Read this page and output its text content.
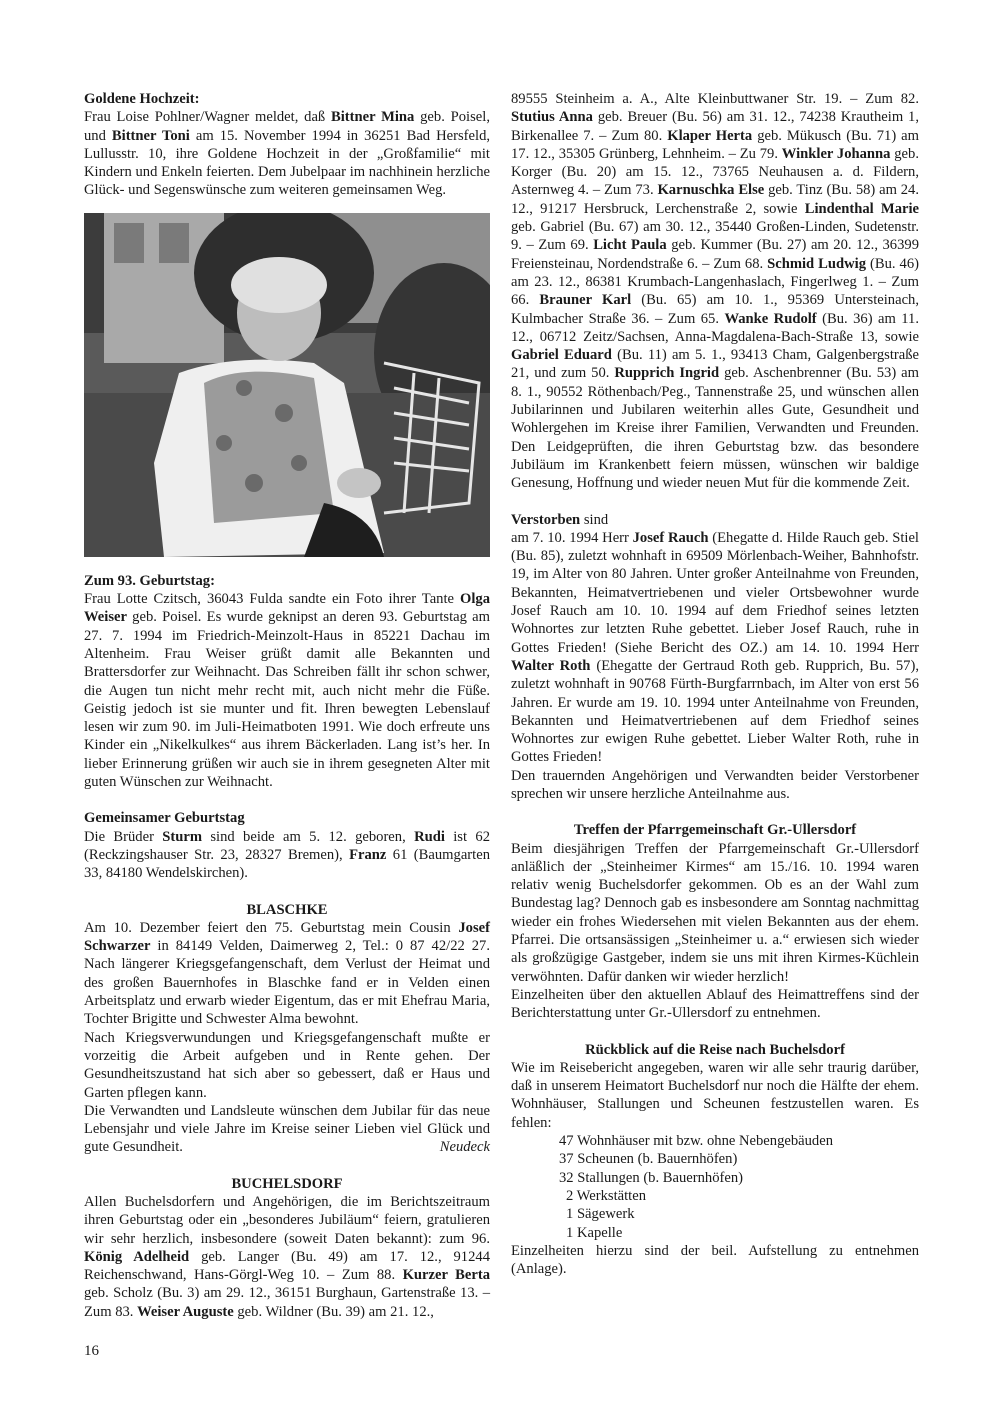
Goldene Hochzeit:

Frau Loise Pohlner/Wagner meldet, daß Bittner Mina geb. Poisel, und Bittner Toni am 15. November 1994 in 36251 Bad Hersfeld, Lullusstr. 10, ihre Goldene Hochzeit in der „Großfamilie“ mit Kindern und Enkeln feierten. Dem Jubelpaar im nachhinein herzliche Glück- und Segenswünsche zum weiteren gemeinsamen Weg.

Zum 93. Geburtstag:

Frau Lotte Czitsch, 36043 Fulda sandte ein Foto ihrer Tante Olga Weiser geb. Poisel. Es wurde geknipst an deren 93. Geburtstag am 27. 7. 1994 im Friedrich-Meinzolt-Haus in 85221 Dachau im Altenheim. Frau Weiser grüßt damit alle Bekannten und Brattersdorfer zur Weihnacht. Das Schreiben fällt ihr schon schwer, die Augen tun nicht mehr recht mit, auch nicht mehr die Füße. Geistig jedoch ist sie munter und fit. Ihren bewegten Lebenslauf lesen wir zum 90. im Juli-Heimatboten 1991. Wie doch erfreute uns Kinder ein „Nikelkulkes“ aus ihrem Bäckerladen. Lang ist’s her. In lieber Erinnerung grüßen wir auch sie in ihrem gesegneten Alter mit guten Wünschen zur Weihnacht.

Gemeinsamer Geburtstag

Die Brüder Sturm sind beide am 5. 12. geboren, Rudi ist 62 (Reckzingshauser Str. 23, 28327 Bremen), Franz 61 (Baumgarten 33, 84180 Wendelskirchen).

BLASCHKE

Am 10. Dezember feiert den 75. Geburtstag mein Cousin Josef Schwarzer in 84149 Velden, Daimerweg 2, Tel.: 0 87 42/22 27. Nach längerer Kriegsgefangenschaft, dem Verlust der Heimat und des großen Bauernhofes in Blaschke fand er in Velden einen Arbeitsplatz und erwarb wieder Eigentum, das er mit Ehefrau Maria, Tochter Brigitte und Schwester Alma bewohnt.

Nach Kriegsverwundungen und Kriegsgefangenschaft mußte er vorzeitig die Arbeit aufgeben und in Rente gehen. Der Gesundheitszustand hat sich aber so gebessert, daß er Haus und Garten pflegen kann.

Die Verwandten und Landsleute wünschen dem Jubilar für das neue Lebensjahr und viele Jahre im Kreise seiner Lieben viel Glück und gute Gesundheit.	Neudeck

BUCHELSDORF

Allen Buchelsdorfern und Angehörigen, die im Berichtszeitraum ihren Geburtstag oder ein „besonderes Jubiläum“ feiern, gratulieren wir sehr herzlich, insbesondere (soweit Daten bekannt): zum 96. König Adelheid geb. Langer (Bu. 49) am 17. 12., 91244 Reichenschwand, Hans-Görgl-Weg 10. – Zum 88. Kurzer Berta geb. Scholz (Bu. 3) am 29. 12., 36151 Burghaun, Gartenstraße 13. – Zum 83. Weiser Auguste geb. Wildner (Bu. 39) am 21. 12.,

89555 Steinheim a. A., Alte Kleinbuttwaner Str. 19. – Zum 82. Stutius Anna geb. Breuer (Bu. 56) am 31. 12., 74238 Krautheim 1, Birkenallee 7. – Zum 80. Klaper Herta geb. Mükusch (Bu. 71) am 17. 12., 35305 Grünberg, Lehnheim. – Zu 79. Winkler Johanna geb. Korger (Bu. 20) am 15. 12., 73765 Neuhausen a. d. Fildern, Asternweg 4. – Zum 73. Karnuschka Else geb. Tinz (Bu. 58) am 24. 12., 91217 Hersbruck, Lerchenstraße 2, sowie Lindenthal Marie geb. Gabriel (Bu. 67) am 30. 12., 35440 Großen-Linden, Sudetenstr. 9. – Zum 69. Licht Paula geb. Kummer (Bu. 27) am 20. 12., 36399 Freiensteinau, Nordendstraße 6. – Zum 68. Schmid Ludwig (Bu. 46) am 23. 12., 86381 Krumbach-Langenhaslach, Fingerlweg 1. – Zum 66. Brauner Karl (Bu. 65) am 10. 1., 95369 Untersteinach, Kulmbacher Straße 36. – Zum 65. Wanke Rudolf (Bu. 36) am 11. 12., 06712 Zeitz/Sachsen, Anna-Magdalena-Bach-Straße 13, sowie Gabriel Eduard (Bu. 11) am 5. 1., 93413 Cham, Galgenbergstraße 21, und zum 50. Rupprich Ingrid geb. Aschenbrenner (Bu. 53) am 8. 1., 90552 Röthenbach/Peg., Tannenstraße 25, und wünschen allen Jubilarinnen und Jubilaren weiterhin alles Gute, Gesundheit und Wohlergehen im Kreise ihrer Familien, Verwandten und Freunden. Den Leidgeprüften, die ihren Geburtstag bzw. das besondere Jubiläum im Krankenbett feiern müssen, wünschen wir baldige Genesung, Hoffnung und wieder neuen Mut für die kommende Zeit.

Verstorben sind

am 7. 10. 1994 Herr Josef Rauch (Ehegatte d. Hilde Rauch geb. Stiel (Bu. 85), zuletzt wohnhaft in 69509 Mörlenbach-Weiher, Bahnhofstr. 19, im Alter von 80 Jahren. Unter großer Anteilnahme von Freunden, Bekannten, Heimatvertriebenen und vieler Ortsbewohner wurde Josef Rauch am 10. 10. 1994 auf dem Friedhof seines letzten Wohnortes zur letzten Ruhe gebettet. Lieber Josef Rauch, ruhe in Gottes Frieden! (Siehe Bericht des OZ.) am 14. 10. 1994 Herr Walter Roth (Ehegatte der Gertraud Roth geb. Rupprich, Bu. 57), zuletzt wohnhaft in 90768 Fürth-Burgfarrnbach, im Alter von erst 56 Jahren. Er wurde am 19. 10. 1994 unter Anteilnahme von Freunden, Bekannten und Heimatvertriebenen auf dem Friedhof seines Wohnortes zur ewigen Ruhe gebettet. Lieber Walter Roth, ruhe in Gottes Frieden!

Den trauernden Angehörigen und Verwandten beider Verstorbener sprechen wir unsere herzliche Anteilnahme aus.

Treffen der Pfarrgemeinschaft Gr.-Ullersdorf

Beim diesjährigen Treffen der Pfarrgemeinschaft Gr.-Ullersdorf anläßlich der „Steinheimer Kirmes“ am 15./16. 10. 1994 waren relativ wenig Buchelsdorfer gekommen. Ob es an der Wahl zum Bundestag lag? Dennoch gab es insbesondere am Sonntag nachmittag wieder ein frohes Wiedersehen mit vielen Bekannten aus der ehem. Pfarrei. Die ortsansässigen „Steinheimer u. a.“ erwiesen sich wieder als großzügige Gastgeber, indem sie uns mit ihren Kirmes-Küchlein verwöhnten. Dafür danken wir wieder herzlich!

Einzelheiten über den aktuellen Ablauf des Heimattreffens sind der Berichterstattung unter Gr.-Ullersdorf zu entnehmen.

Rückblick auf die Reise nach Buchelsdorf

Wie im Reisebericht angegeben, waren wir alle sehr traurig darüber, daß in unserem Heimatort Buchelsdorf nur noch die Hälfte der ehem. Wohnhäuser, Stallungen und Scheunen festzustellen waren. Es fehlen:

47 Wohnhäuser mit bzw. ohne Nebengebäuden
37 Scheunen (b. Bauernhöfen)
32 Stallungen (b. Bauernhöfen)
2 Werkstätten
1 Sägewerk
1 Kapelle

Einzelheiten hierzu sind der beil. Aufstellung zu entnehmen (Anlage).

16
